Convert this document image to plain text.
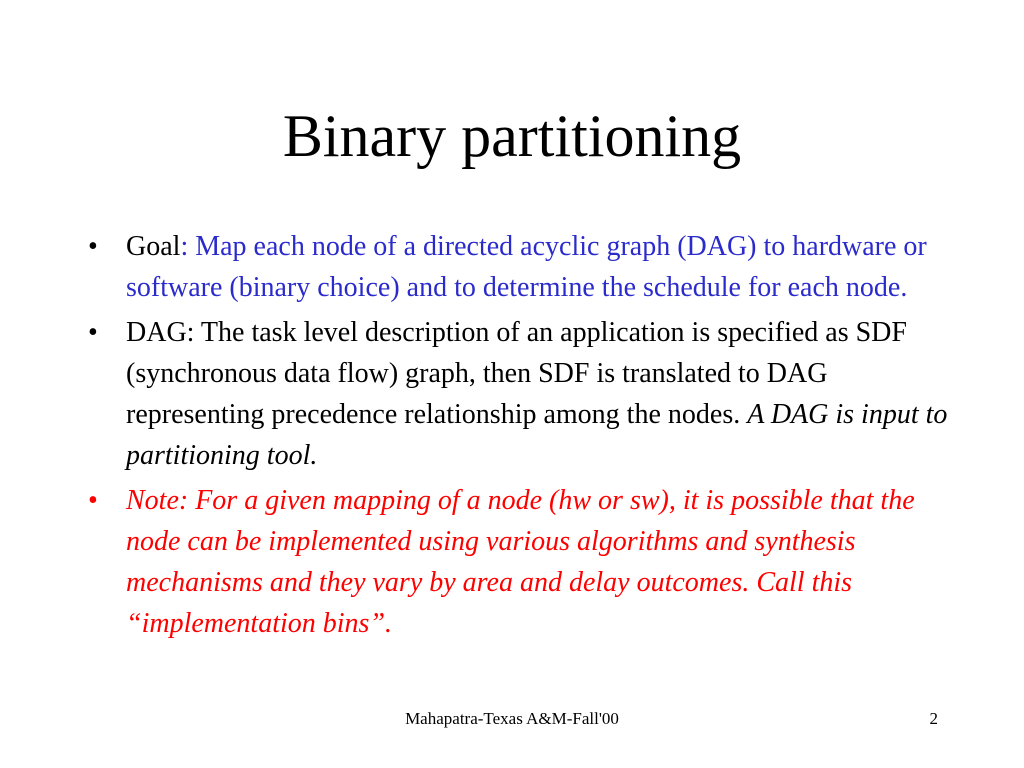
Binary partitioning
• Goal: Map each node of a directed acyclic graph (DAG) to hardware or software (binary choice) and to determine the schedule for each node.
• DAG: The task level description of an application is specified as SDF (synchronous data flow) graph, then SDF is translated to DAG representing precedence relationship among the nodes. A DAG is input to partitioning tool.
• Note: For a given mapping of a node (hw or sw), it is possible that the node can be implemented using various algorithms and synthesis mechanisms and they vary by area and delay outcomes. Call this “implementation bins”.
Mahapatra-Texas A&M-Fall'00	2
